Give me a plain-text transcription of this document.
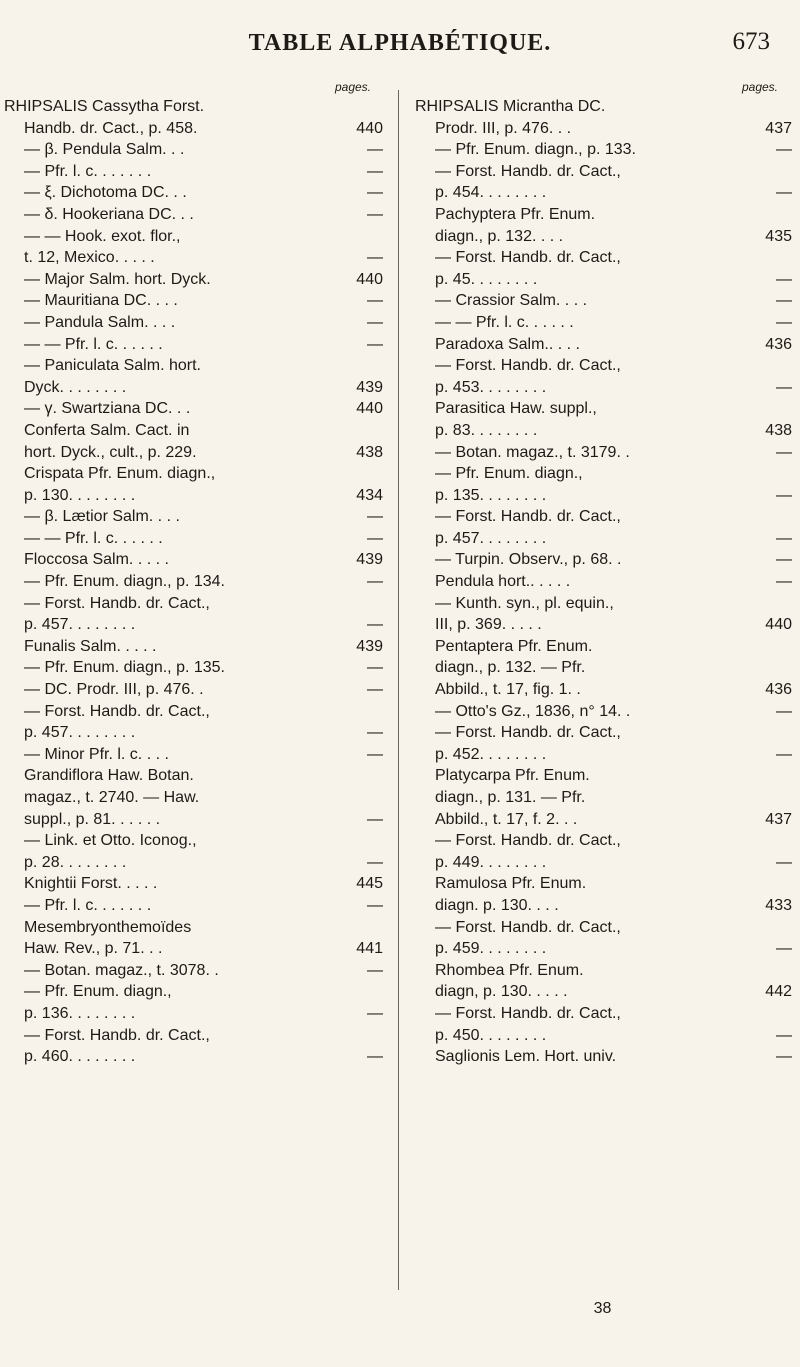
TABLE ALPHABÉTIQUE.	673
pages.
RHIPSALIS Cassytha Forst.
Handb. dr. Cact., p. 458.	440
— β. Pendula Salm. . .	—
— Pfr. l. c. . . . . . .	—
— ξ. Dichotoma DC. . .	—
— δ. Hookeriana DC. . .	—
— — Hook. exot. flor.,
t. 12, Mexico. . . . .	—
— Major Salm. hort. Dyck.	440
— Mauritiana DC. . . .	—
— Pandula Salm. . . .	—
— — Pfr. l. c. . . . . .	—
— Paniculata Salm. hort.
Dyck. . . . . . . .	439
— γ. Swartziana DC. . .	440
Conferta Salm. Cact. in
hort. Dyck., cult., p. 229.	438
Crispata Pfr. Enum. diagn.,
p. 130. . . . . . . .	434
— β. Lætior Salm. . . .	—
— — Pfr. l. c. . . . . .	—
Floccosa Salm. . . . .	439
— Pfr. Enum. diagn., p. 134.	—
— Forst. Handb. dr. Cact.,
p. 457. . . . . . . .	—
Funalis Salm. . . . .	439
— Pfr. Enum. diagn., p. 135.	—
— DC. Prodr. III, p. 476. .	—
— Forst. Handb. dr. Cact.,
p. 457. . . . . . . .	—
— Minor Pfr. l. c. . . .	—
Grandiflora Haw. Botan.
magaz., t. 2740. — Haw.
suppl., p. 81. . . . . .	—
— Link. et Otto. Iconog.,
p. 28. . . . . . . .	—
Knightii Forst. . . . .	445
— Pfr. l. c. . . . . . .	—
Mesembryonthemoïdes
Haw. Rev., p. 71. . .	441
— Botan. magaz., t. 3078. .	—
— Pfr. Enum. diagn.,
p. 136. . . . . . . .	—
— Forst. Handb. dr. Cact.,
p. 460. . . . . . . .	—
pages.
RHIPSALIS Micrantha DC.
Prodr. III, p. 476. . .	437
— Pfr. Enum. diagn., p. 133.	—
— Forst. Handb. dr. Cact.,
p. 454. . . . . . . .	—
Pachyptera Pfr. Enum.
diagn., p. 132. . . .	435
— Forst. Handb. dr. Cact.,
p. 45. . . . . . . .	—
— Crassior Salm. . . .	—
— — Pfr. l. c. . . . . .	—
Paradoxa Salm.. . . .	436
— Forst. Handb. dr. Cact.,
p. 453. . . . . . . .	—
Parasitica Haw. suppl.,
p. 83. . . . . . . .	438
— Botan. magaz., t. 3179. .	—
— Pfr. Enum. diagn.,
p. 135. . . . . . . .	—
— Forst. Handb. dr. Cact.,
p. 457. . . . . . . .	—
— Turpin. Observ., p. 68. .	—
Pendula hort.. . . . .	—
— Kunth. syn., pl. equin.,
III, p. 369. . . . .	440
Pentaptera Pfr. Enum.
diagn., p. 132. — Pfr.
Abbild., t. 17, fig. 1. .	436
— Otto's Gz., 1836, n° 14. .	—
— Forst. Handb. dr. Cact.,
p. 452. . . . . . . .	—
Platycarpa Pfr. Enum.
diagn., p. 131. — Pfr.
Abbild., t. 17, f. 2. . .	437
— Forst. Handb. dr. Cact.,
p. 449. . . . . . . .	—
Ramulosa Pfr. Enum.
diagn. p. 130. . . .	433
— Forst. Handb. dr. Cact.,
p. 459. . . . . . . .	—
Rhombea Pfr. Enum.
diagn, p. 130. . . . .	442
— Forst. Handb. dr. Cact.,
p. 450. . . . . . . .	—
Saglionis Lem. Hort. univ.	—
38
